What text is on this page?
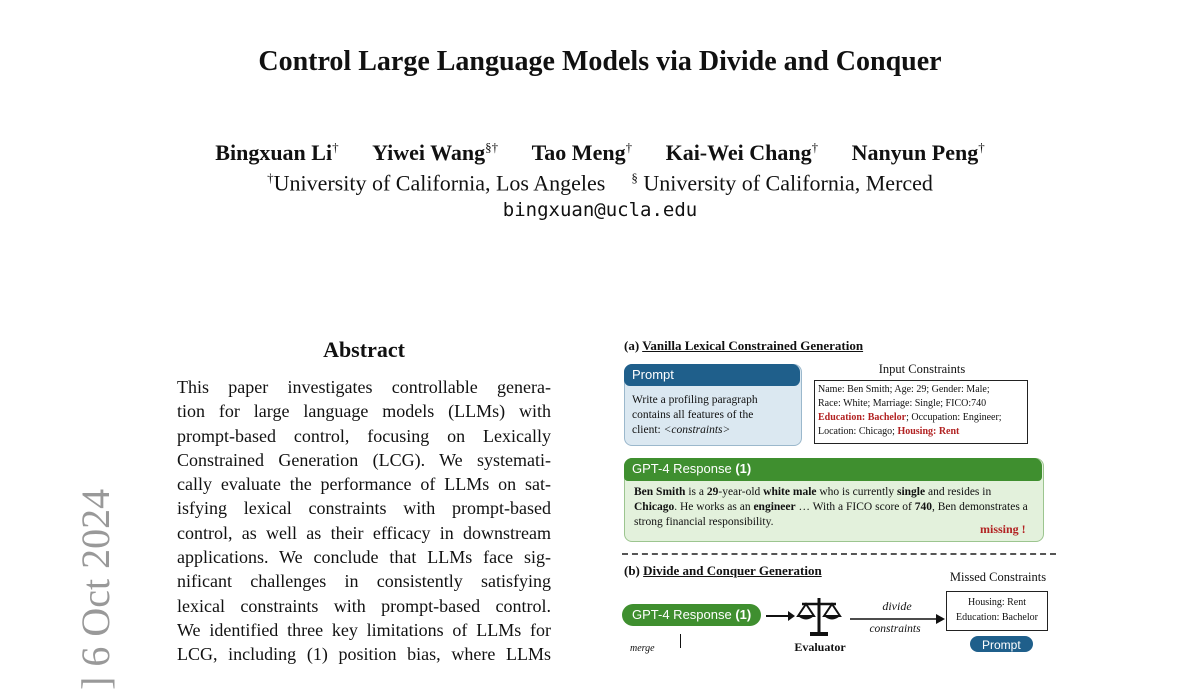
Control Large Language Models via Divide and Conquer
Bingxuan Li† Yiwei Wang§† Tao Meng† Kai-Wei Chang† Nanyun Peng†
†University of California, Los Angeles § University of California, Merced
bingxuan@ucla.edu
] 6 Oct 2024
Abstract
This paper investigates controllable genera-
tion for large language models (LLMs) with
prompt-based control, focusing on Lexically
Constrained Generation (LCG). We systemati-
cally evaluate the performance of LLMs on sat-
isfying lexical constraints with prompt-based
control, as well as their efficacy in downstream
applications. We conclude that LLMs face sig-
nificant challenges in consistently satisfying
lexical constraints with prompt-based control.
We identified three key limitations of LLMs for
LCG, including (1) position bias, where LLMs
(a) Vanilla Lexical Constrained Generation
Prompt
Write a profiling paragraph
contains all features of the
client: <constraints>
Input Constraints
Name: Ben Smith; Age: 29; Gender: Male;
Race: White; Marriage: Single; FICO:740
Education: Bachelor; Occupation: Engineer;
Location: Chicago; Housing: Rent
GPT-4 Response (1)
Ben Smith is a 29-year-old white male who is currently single and resides in Chicago. He works as an engineer … With a FICO score of 740, Ben demonstrates a strong financial responsibility.	missing !
(b) Divide and Conquer Generation	Missed Constraints
Housing: Rent
Education: Bachelor
GPT-4 Response (1)
Evaluator
divide
constraints
merge	Prompt
